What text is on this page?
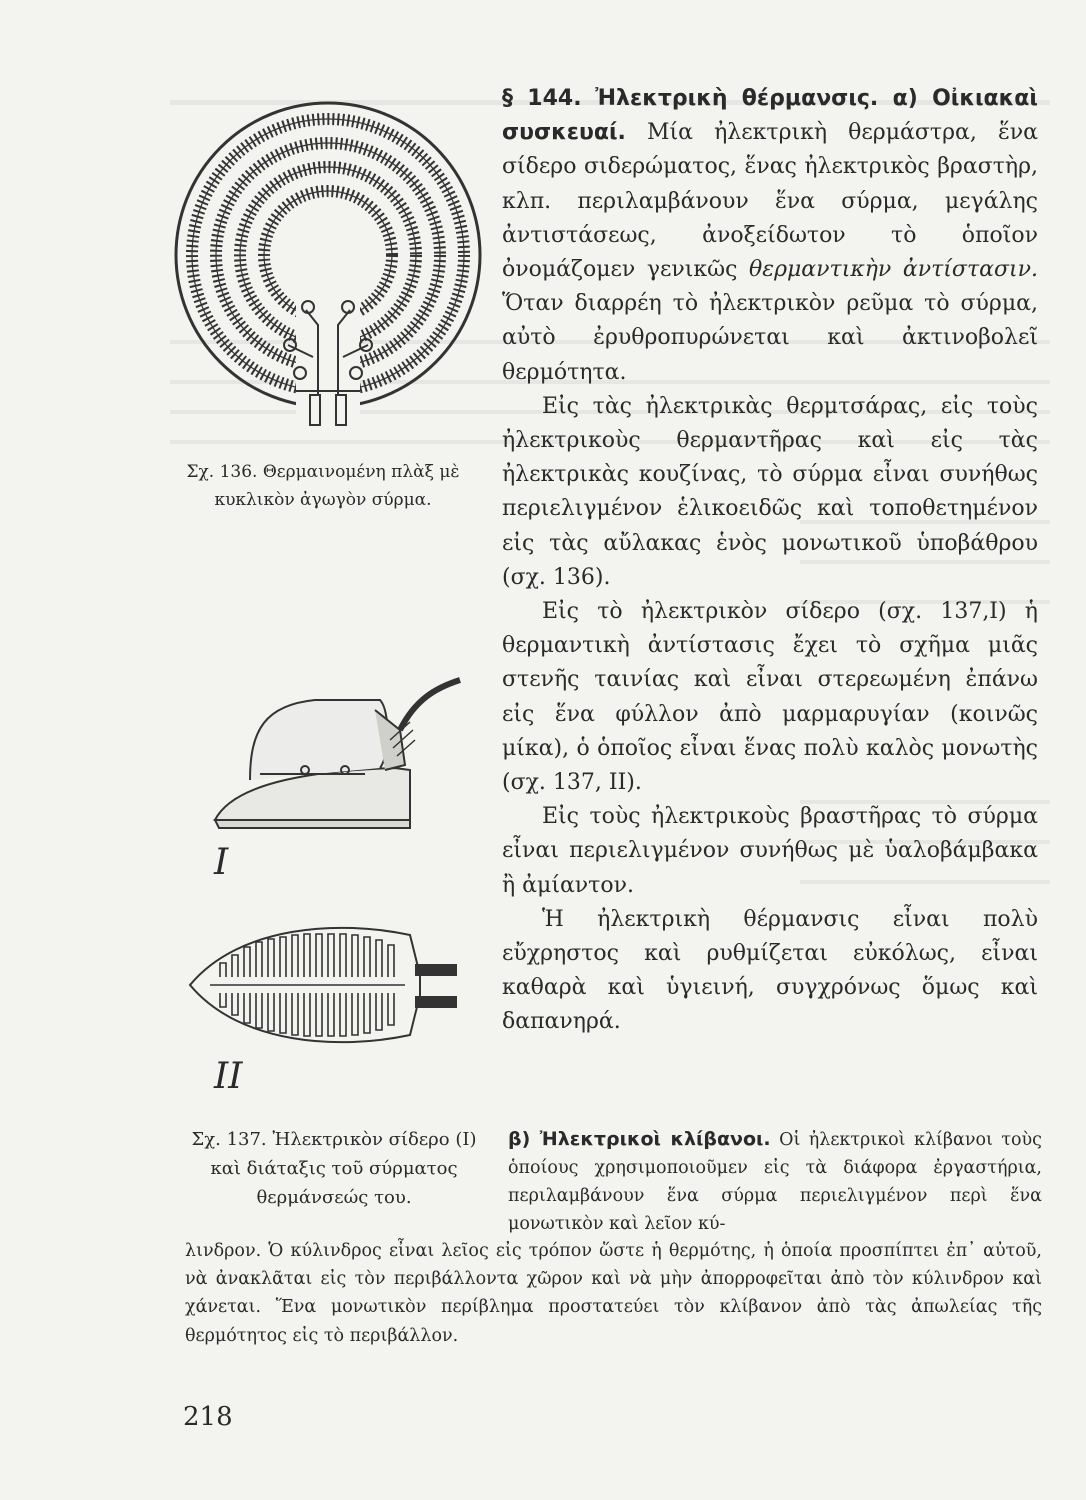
Σχ. 136. Θερμαινομένη πλὰξ μὲ κυκλικὸν ἀγωγὸν σύρμα.
I
II
Σχ. 137. Ἠλεκτρικὸν σίδερο (I) καὶ διάταξις τοῦ σύρματος θερμάνσεώς του.

§ 144. Ἠλεκτρικὴ θέρμανσις. α) Οἰκιακαὶ συσκευαί. Μία ἠλεκτρικὴ θερμάστρα, ἕνα σίδερο σιδερώματος, ἕνας ἠλεκτρικὸς βραστὴρ, κλπ. περιλαμβάνουν ἕνα σύρμα, μεγάλης ἀντιστάσεως, ἀνοξείδωτον τὸ ὁποῖον ὀνομάζομεν γενικῶς θερμαντικὴν ἀντίστασιν. Ὅταν διαρρέη τὸ ἠλεκτρικὸν ρεῦμα τὸ σύρμα, αὐτὸ ἐρυθροπυρώνεται καὶ ἀκτινοβολεῖ θερμότητα.

Εἰς τὰς ἠλεκτρικὰς θερμτσάρας, εἰς τοὺς ἠλεκτρικοὺς θερμαντῆρας καὶ εἰς τὰς ἠλεκτρικὰς κουζίνας, τὸ σύρμα εἶναι συνήθως περιελιγμένον ἑλικοειδῶς καὶ τοποθετημένον εἰς τὰς αὔλακας ἑνὸς μονωτικοῦ ὑποβάθρου (σχ. 136).

Εἰς τὸ ἠλεκτρικὸν σίδερο (σχ. 137,I) ἡ θερμαντικὴ ἀντίστασις ἔχει τὸ σχῆμα μιᾶς στενῆς ταινίας καὶ εἶναι στερεωμένη ἐπάνω εἰς ἕνα φύλλον ἀπὸ μαρμαρυγίαν (κοινῶς μίκα), ὁ ὁποῖος εἶναι ἕνας πολὺ καλὸς μονωτὴς (σχ. 137, II).

Εἰς τοὺς ἠλεκτρικοὺς βραστῆρας τὸ σύρμα εἶναι περιελιγμένον συνήθως μὲ ὑαλοβάμβακα ἢ ἀμίαντον.

Ἡ ἠλεκτρικὴ θέρμανσις εἶναι πολὺ εὔχρηστος καὶ ρυθμίζεται εὐκόλως, εἶναι καθαρὰ καὶ ὑγιεινή, συγχρόνως ὅμως καὶ δαπανηρά.

β) Ἠλεκτρικοὶ κλίβανοι. Οἱ ἠλεκτρικοὶ κλίβανοι τοὺς ὁποίους χρησιμοποιοῦμεν εἰς τὰ διάφορα ἐργαστήρια, περιλαμβάνουν ἕνα σύρμα περιελιγμένον περὶ ἕνα μονωτικὸν καὶ λεῖον κύ-

λινδρον. Ὁ κύλινδρος εἶναι λεῖος εἰς τρόπον ὥστε ἡ θερμότης, ἡ ὁποία προσπίπτει ἐπ᾽ αὐτοῦ, νὰ ἀνακλᾶται εἰς τὸν περιβάλλοντα χῶρον καὶ νὰ μὴν ἀπορροφεῖται ἀπὸ τὸν κύλινδρον καὶ χάνεται. Ἕνα μονωτικὸν περίβλημα προστατεύει τὸν κλίβανον ἀπὸ τὰς ἀπωλείας τῆς θερμότητος εἰς τὸ περιβάλλον.

218
